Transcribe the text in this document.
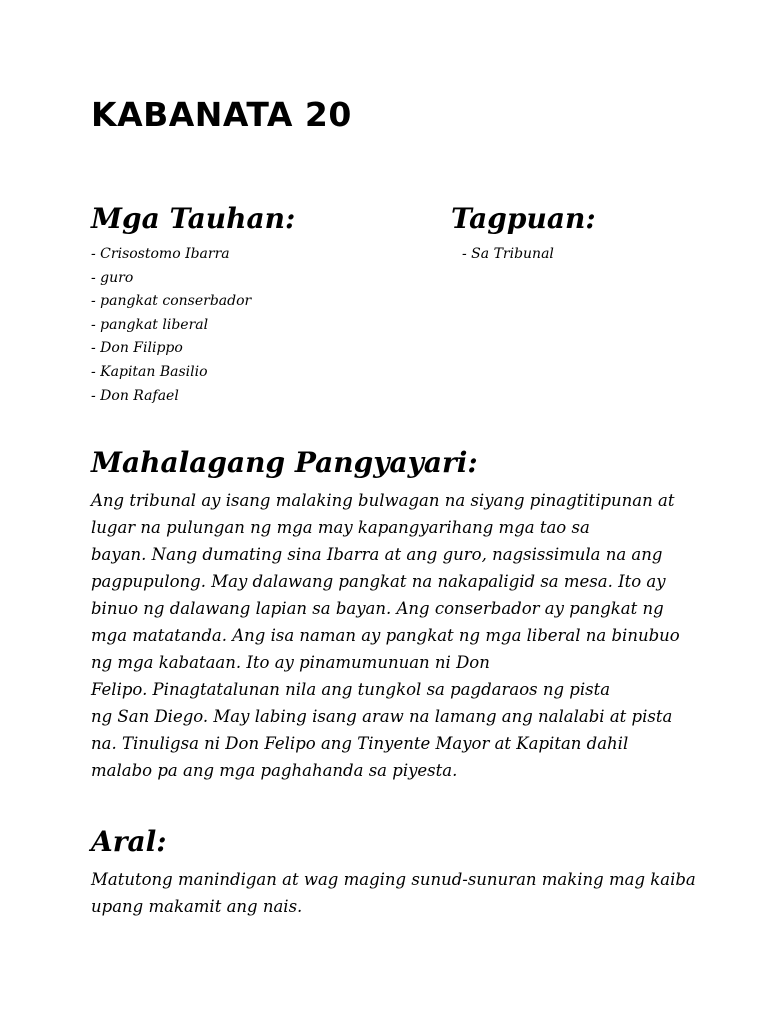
KABANATA 20
Mga Tauhan:
- Crisostomo Ibarra
- guro
- pangkat conserbador
- pangkat liberal
- Don Filippo
- Kapitan Basilio
- Don Rafael
Tagpuan:
- Sa Tribunal
Mahalagang Pangyayari:

Ang tribunal ay isang malaking bulwagan na siyang pinagtitipunan at
lugar na pulungan ng mga may kapangyarihang mga tao sa
bayan. Nang dumating sina Ibarra at ang guro, nagsissimula na ang
pagpupulong. May dalawang pangkat na nakapaligid sa mesa. Ito ay
binuo ng dalawang lapian sa bayan. Ang conserbador ay pangkat ng
mga matatanda. Ang isa naman ay pangkat ng mga liberal na binubuo
ng mga kabataan. Ito ay pinamumunuan ni Don
Felipo. Pinagtatalunan nila ang tungkol sa pagdaraos ng pista
ng San Diego. May labing isang araw na lamang ang nalalabi at pista
na. Tinuligsa ni Don Felipo ang Tinyente Mayor at Kapitan dahil
malabo pa ang mga paghahanda sa piyesta.

Aral:

Matutong manindigan at wag maging sunud-sunuran making mag kaiba
upang makamit ang nais.
